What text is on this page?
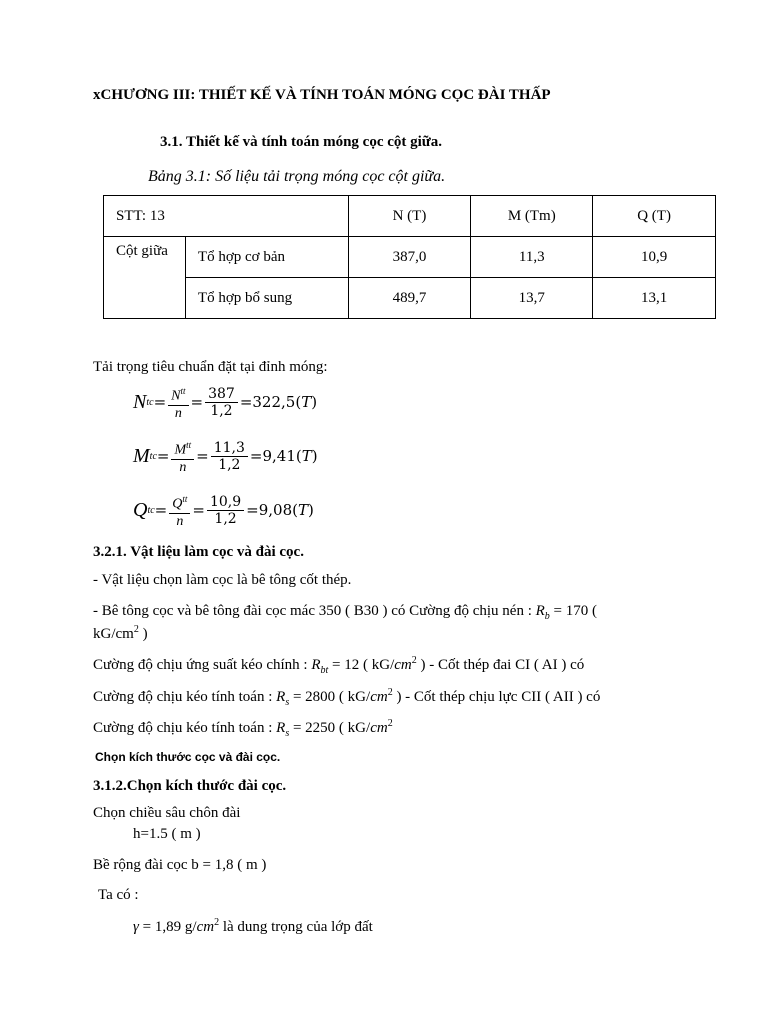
xCHƯƠNG III: THIẾT KẾ VÀ TÍNH TOÁN MÓNG CỌC ĐÀI THẤP
3.1. Thiết kế và tính toán móng cọc cột giữa.
Bảng 3.1: Số liệu tải trọng móng cọc cột giữa.
STT: 13		N (T)	M (Tm)	Q (T)
Cột giữa	Tổ hợp cơ bản	387,0	11,3	10,9
	Tổ hợp bổ sung	489,7	13,7	13,1
Tải trọng tiêu chuẩn đặt tại đỉnh móng:
N tc = $\frac{N^{tt}}{n} = \frac{387}{1,2} = 322,5$ ( T )
M tc = $\frac{M^{tt}}{n} = \frac{11,3}{1,2} = 9,41$ ( T )
Q tc = $\frac{Q^{tt}}{n} = \frac{10,9}{1,2} = 9,08$ ( T )
3.2.1. Vật liệu làm cọc và đài cọc.
- Vật liệu chọn làm cọc là bê tông cốt thép.
- Bê tông cọc và bê tông đài cọc mác 350 ( B30 ) có Cường độ chịu nén : $R_b = 170$ (
$kG/cm^2$ )
Cường độ chịu ứng suất kéo chính : $R_{bt} = 12$ ( $kG/cm^2$ ) - Cốt thép đai CI ( AI ) có
Cường độ chịu kéo tính toán : $R_s = 2800$ ( $kG/cm^2$ ) - Cốt thép chịu lực CII ( AII ) có
Cường độ chịu kéo tính toán : $R_s = 2250$ ( $kG/cm^2$
Chọn kích thước cọc và đài cọc.
3.1.2.Chọn kích thước đài cọc.
Chọn chiều sâu chôn đài
h=1.5 ( m )
Bề rộng đài cọc b = 1,8 ( m )
Ta có :
γ = 1,89 $g/cm^2$ là dung trọng của lớp đất
